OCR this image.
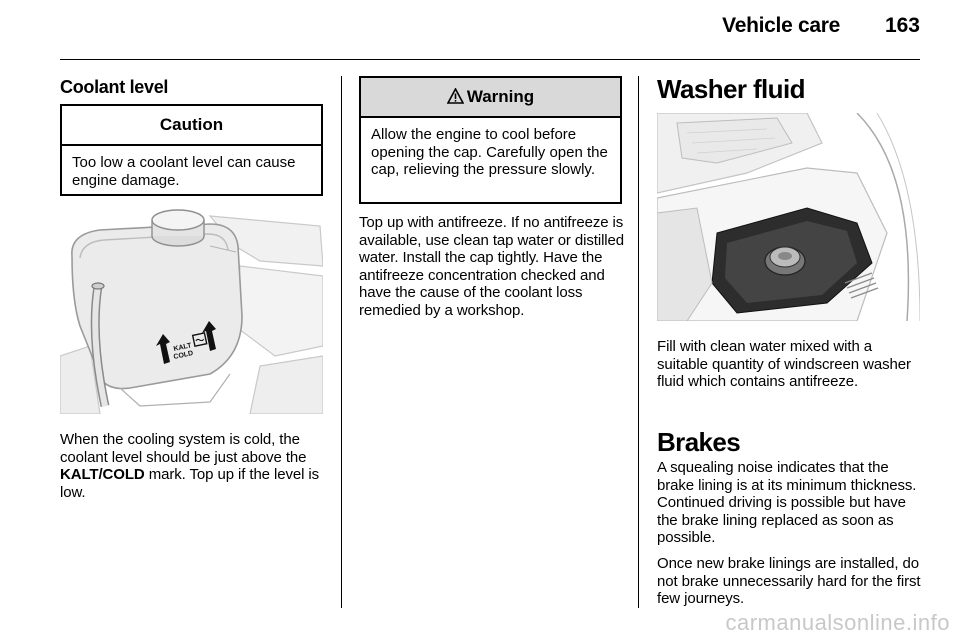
Vehicle care	163
Coolant level
Caution
Too low a coolant level can cause engine damage.
KALT
COLD
When the cooling system is cold, the coolant level should be just above the KALT/COLD mark. Top up if the level is low.
Warning
Allow the engine to cool before opening the cap. Carefully open the cap, relieving the pressure slowly.
Top up with antifreeze. If no antifreeze is available, use clean tap water or distilled water. Install the cap tightly. Have the antifreeze concentration checked and have the cause of the coolant loss remedied by a workshop.
Washer fluid
Fill with clean water mixed with a suitable quantity of windscreen washer fluid which contains antifreeze.
Brakes
A squealing noise indicates that the brake lining is at its minimum thickness. Continued driving is possible but have the brake lining replaced as soon as possible.
Once new brake linings are installed, do not brake unnecessarily hard for the first few journeys.
carmanualsonline.info
